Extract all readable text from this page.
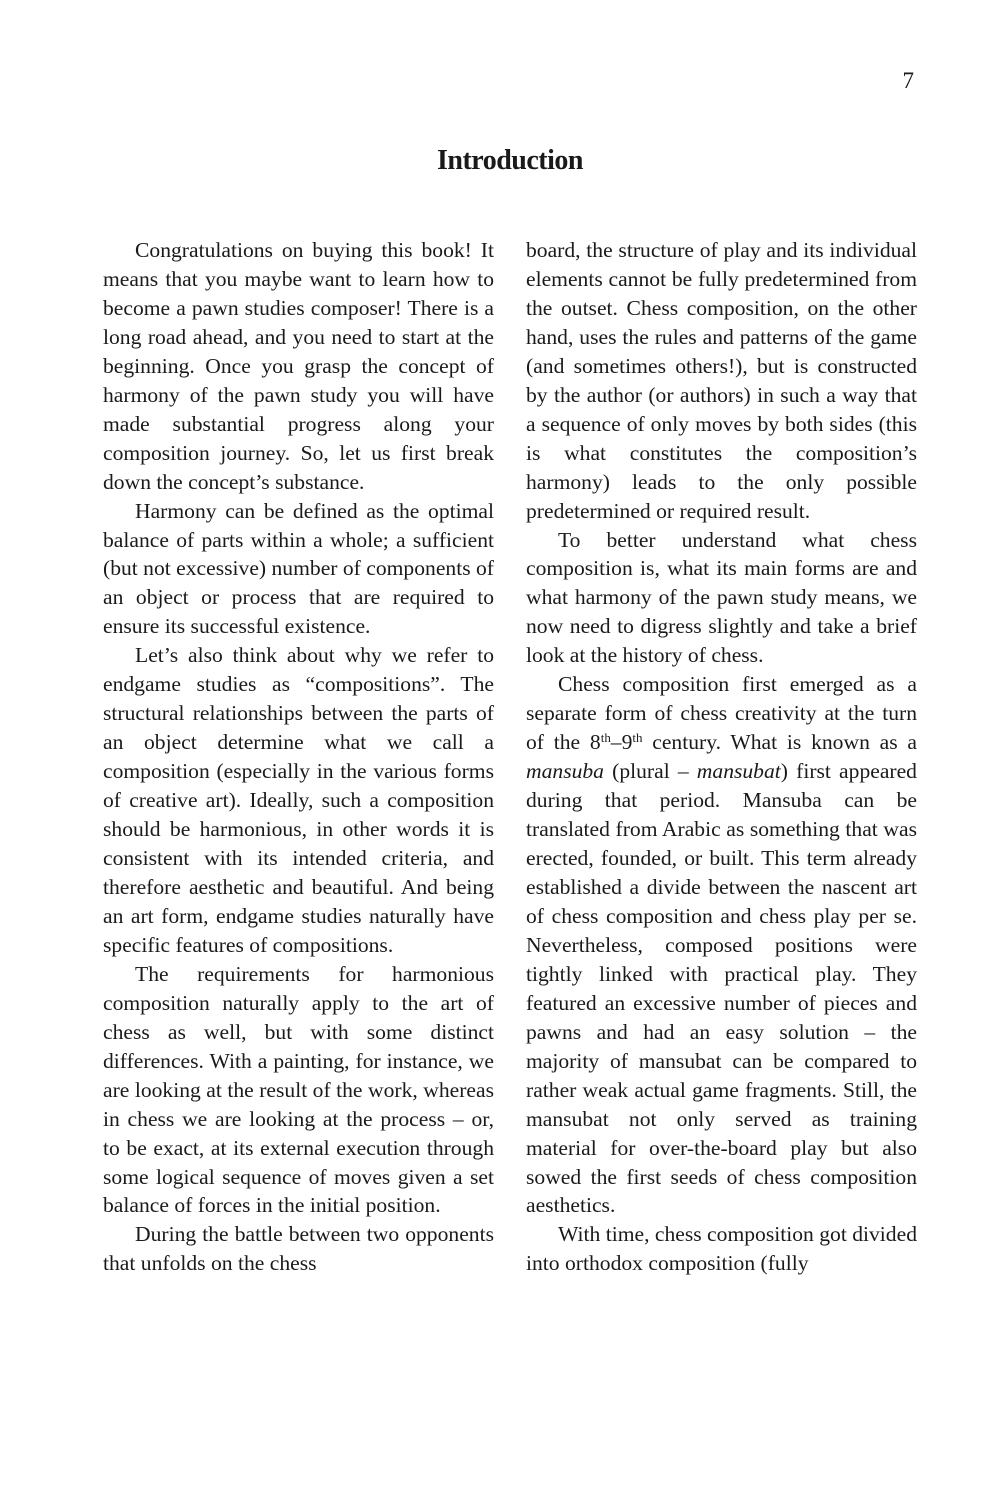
7
Introduction

Congratulations on buying this book! It means that you maybe want to learn how to become a pawn studies composer! There is a long road ahead, and you need to start at the beginning. Once you grasp the concept of harmony of the pawn study you will have made substantial progress along your composition journey. So, let us first break down the concept’s substance.

Harmony can be defined as the optimal balance of parts within a whole; a sufficient (but not excessive) number of components of an object or process that are required to ensure its successful existence.

Let’s also think about why we refer to endgame studies as “compositions”. The structural relationships between the parts of an object determine what we call a composition (especially in the various forms of creative art). Ideally, such a composition should be harmonious, in other words it is consistent with its intended criteria, and therefore aesthetic and beautiful. And being an art form, endgame studies naturally have specific features of compositions.

The requirements for harmonious composition naturally apply to the art of chess as well, but with some distinct differences. With a painting, for instance, we are looking at the result of the work, whereas in chess we are looking at the process – or, to be exact, at its external execution through some logical sequence of moves given a set balance of forces in the initial position.

During the battle between two opponents that unfolds on the chess

board, the structure of play and its individual elements cannot be fully predetermined from the outset. Chess composition, on the other hand, uses the rules and patterns of the game (and sometimes others!), but is constructed by the author (or authors) in such a way that a sequence of only moves by both sides (this is what constitutes the composition’s harmony) leads to the only possible predetermined or required result.

To better understand what chess composition is, what its main forms are and what harmony of the pawn study means, we now need to digress slightly and take a brief look at the history of chess.

Chess composition first emerged as a separate form of chess creativity at the turn of the 8th–9th century. What is known as a mansuba (plural – mansubat) first appeared during that period. Mansuba can be translated from Arabic as something that was erected, founded, or built. This term already established a divide between the nascent art of chess composition and chess play per se. Nevertheless, composed positions were tightly linked with practical play. They featured an excessive number of pieces and pawns and had an easy solution – the majority of mansubat can be compared to rather weak actual game fragments. Still, the mansubat not only served as training material for over-the-board play but also sowed the first seeds of chess composition aesthetics.

With time, chess composition got divided into orthodox composition (fully
